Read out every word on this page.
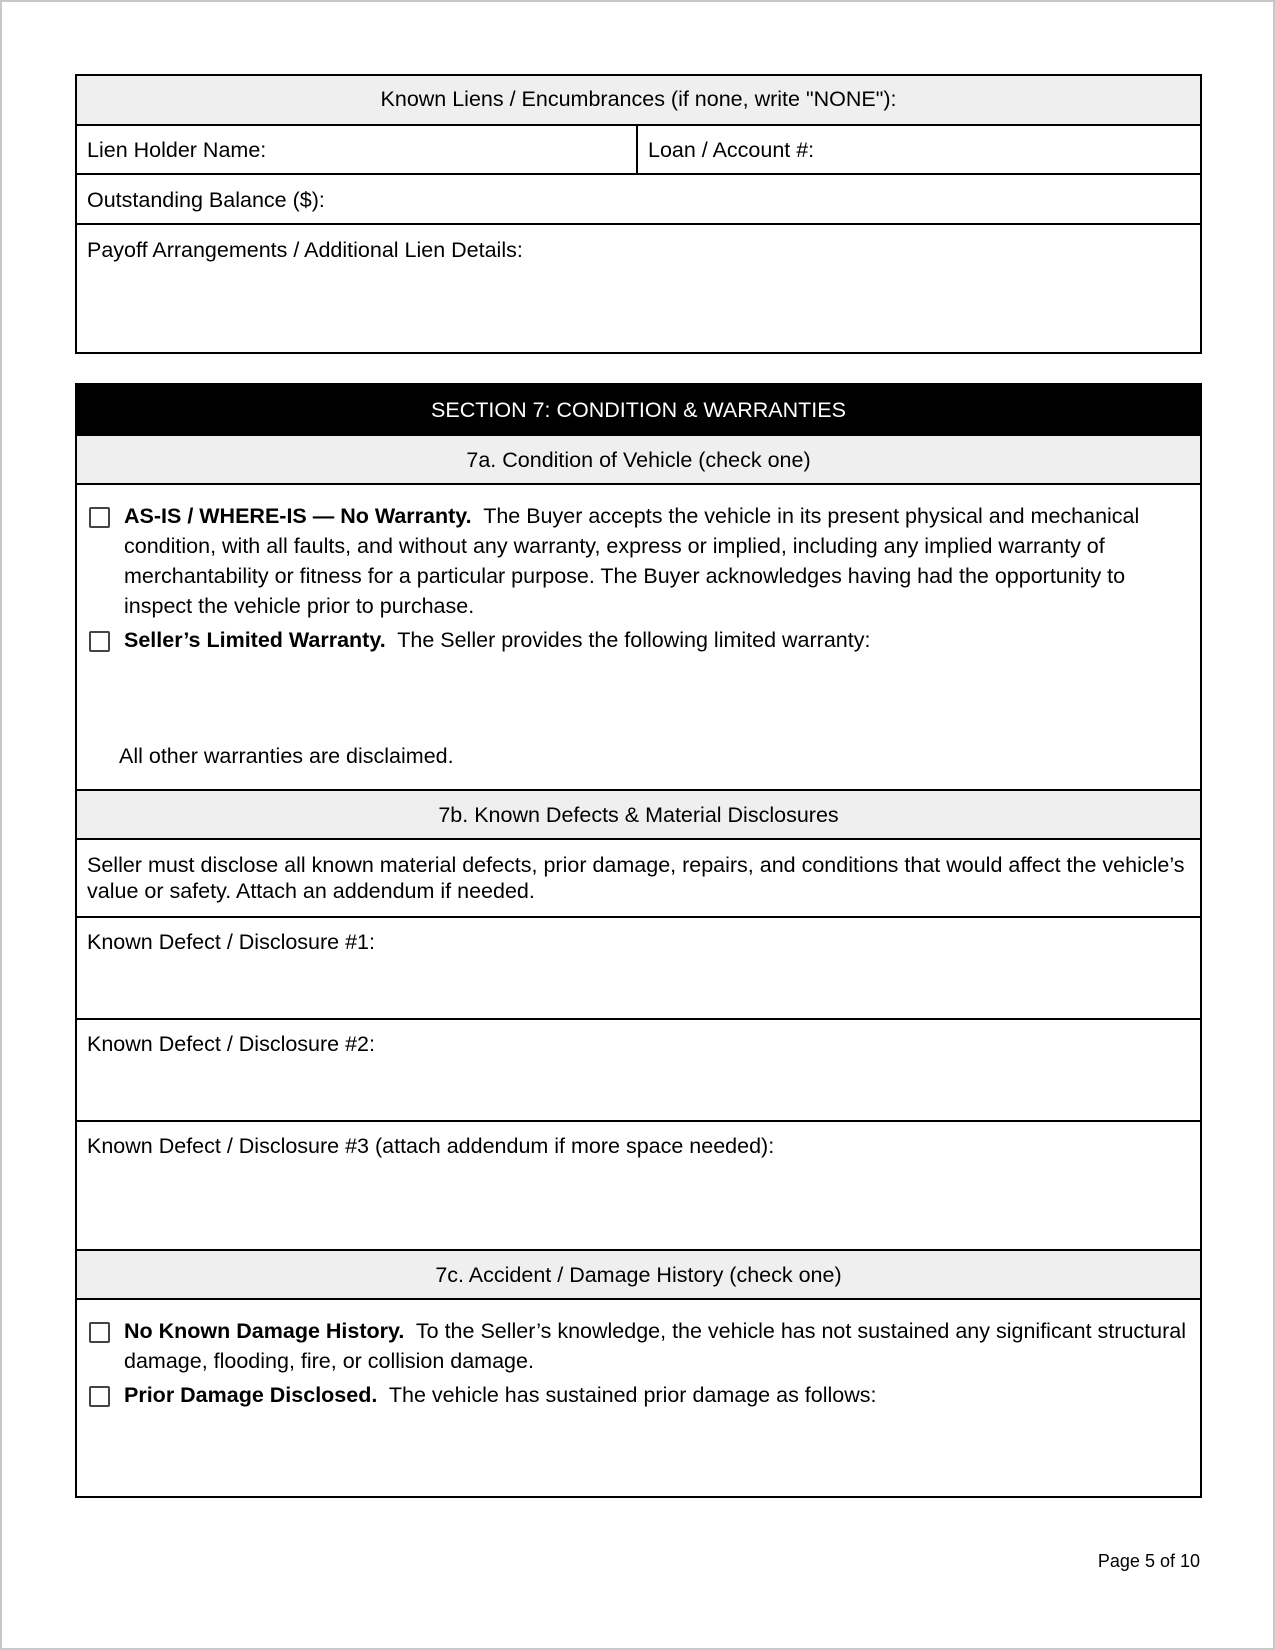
Known Liens / Encumbrances (if none, write "NONE"):
Lien Holder Name:	Loan / Account #:
Outstanding Balance ($):
Payoff Arrangements / Additional Lien Details:
SECTION 7: CONDITION & WARRANTIES
7a. Condition of Vehicle (check one)
AS-IS / WHERE-IS — No Warranty. The Buyer accepts the vehicle in its present physical and mechanical condition, with all faults, and without any warranty, express or implied, including any implied warranty of merchantability or fitness for a particular purpose. The Buyer acknowledges having had the opportunity to inspect the vehicle prior to purchase.
Seller’s Limited Warranty. The Seller provides the following limited warranty:
All other warranties are disclaimed.
7b. Known Defects & Material Disclosures
Seller must disclose all known material defects, prior damage, repairs, and conditions that would affect the vehicle’s value or safety. Attach an addendum if needed.
Known Defect / Disclosure #1:
Known Defect / Disclosure #2:
Known Defect / Disclosure #3 (attach addendum if more space needed):
7c. Accident / Damage History (check one)
No Known Damage History. To the Seller’s knowledge, the vehicle has not sustained any significant structural damage, flooding, fire, or collision damage.
Prior Damage Disclosed. The vehicle has sustained prior damage as follows:
Page 5 of 10
